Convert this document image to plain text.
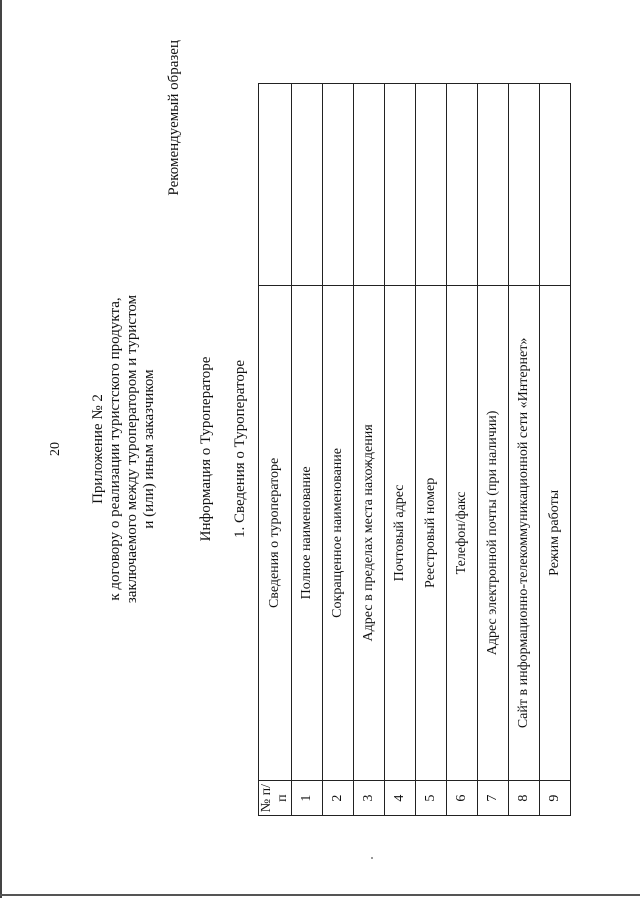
20 Приложение № 2 к договору о реализации туристского продукта, заключаемого между туроператором и туристом и (или) иным заказчиком
Рекомендуемый образец
Информация о Туроператоре 1. Сведения о Туроператоре
№ п/п	Сведения о туроператоре	
1	Полное наименование	
2	Сокращенное наименование	
3	Адрес в пределах места нахождения	
4	Почтовый адрес	
5	Реестровый номер	
6	Телефон/факс	
7	Адрес электронной почты (при наличии)	
8	Сайт в информационно-телекоммуникационной сети «Интернет»	
9	Режим работы	
